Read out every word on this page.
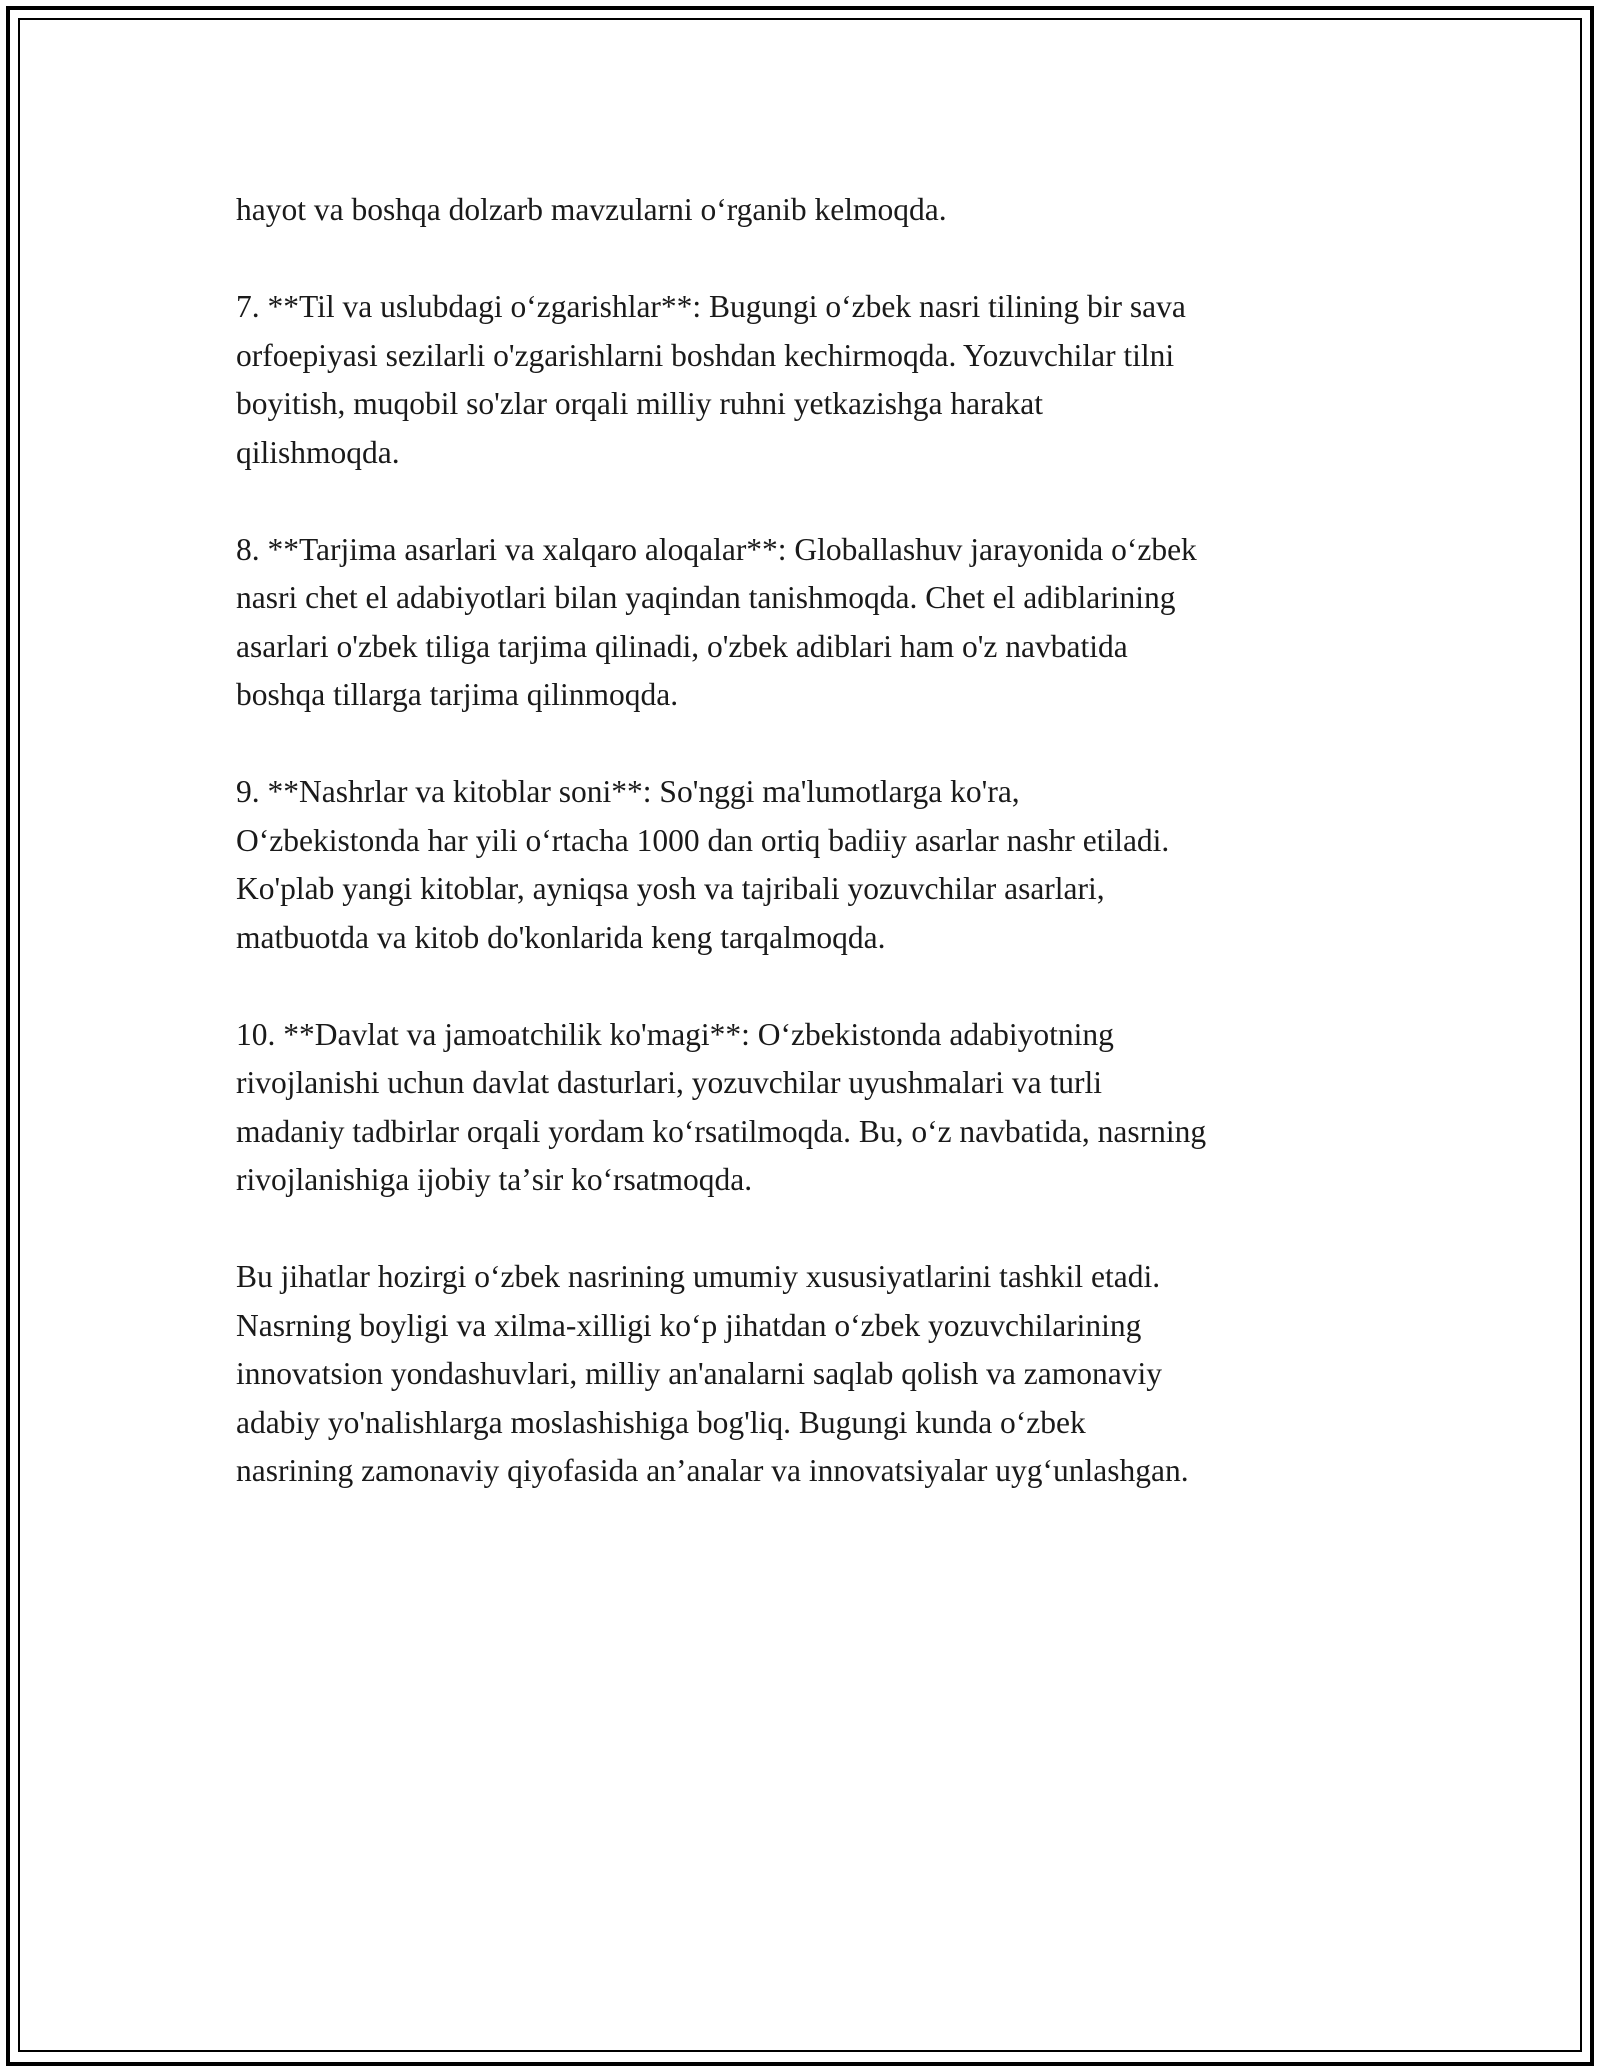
hayot va boshqa dolzarb mavzularni oʻrganib kelmoqda.
7. **Til va uslubdagi oʻzgarishlar**: Bugungi oʻzbek nasri tilining bir sava
orfoepiyasi sezilarli o'zgarishlarni boshdan kechirmoqda. Yozuvchilar tilni
boyitish, muqobil so'zlar orqali milliy ruhni yetkazishga harakat
qilishmoqda.
8. **Tarjima asarlari va xalqaro aloqalar**: Globallashuv jarayonida oʻzbek
nasri chet el adabiyotlari bilan yaqindan tanishmoqda. Chet el adiblarining
asarlari o'zbek tiliga tarjima qilinadi, o'zbek adiblari ham o'z navbatida
boshqa tillarga tarjima qilinmoqda.
9. **Nashrlar va kitoblar soni**: So'nggi ma'lumotlarga ko'ra,
Oʻzbekistonda har yili oʻrtacha 1000 dan ortiq badiiy asarlar nashr etiladi.
Ko'plab yangi kitoblar, ayniqsa yosh va tajribali yozuvchilar asarlari,
matbuotda va kitob do'konlarida keng tarqalmoqda.
10. **Davlat va jamoatchilik ko'magi**: Oʻzbekistonda adabiyotning
rivojlanishi uchun davlat dasturlari, yozuvchilar uyushmalari va turli
madaniy tadbirlar orqali yordam koʻrsatilmoqda. Bu, oʻz navbatida, nasrning
rivojlanishiga ijobiy taʼsir koʻrsatmoqda.
Bu jihatlar hozirgi oʻzbek nasrining umumiy xususiyatlarini tashkil etadi.
Nasrning boyligi va xilma-xilligi koʻp jihatdan oʻzbek yozuvchilarining
innovatsion yondashuvlari, milliy an'analarni saqlab qolish va zamonaviy
adabiy yo'nalishlarga moslashishiga bog'liq. Bugungi kunda oʻzbek
nasrining zamonaviy qiyofasida anʼanalar va innovatsiyalar uygʻunlashgan.
